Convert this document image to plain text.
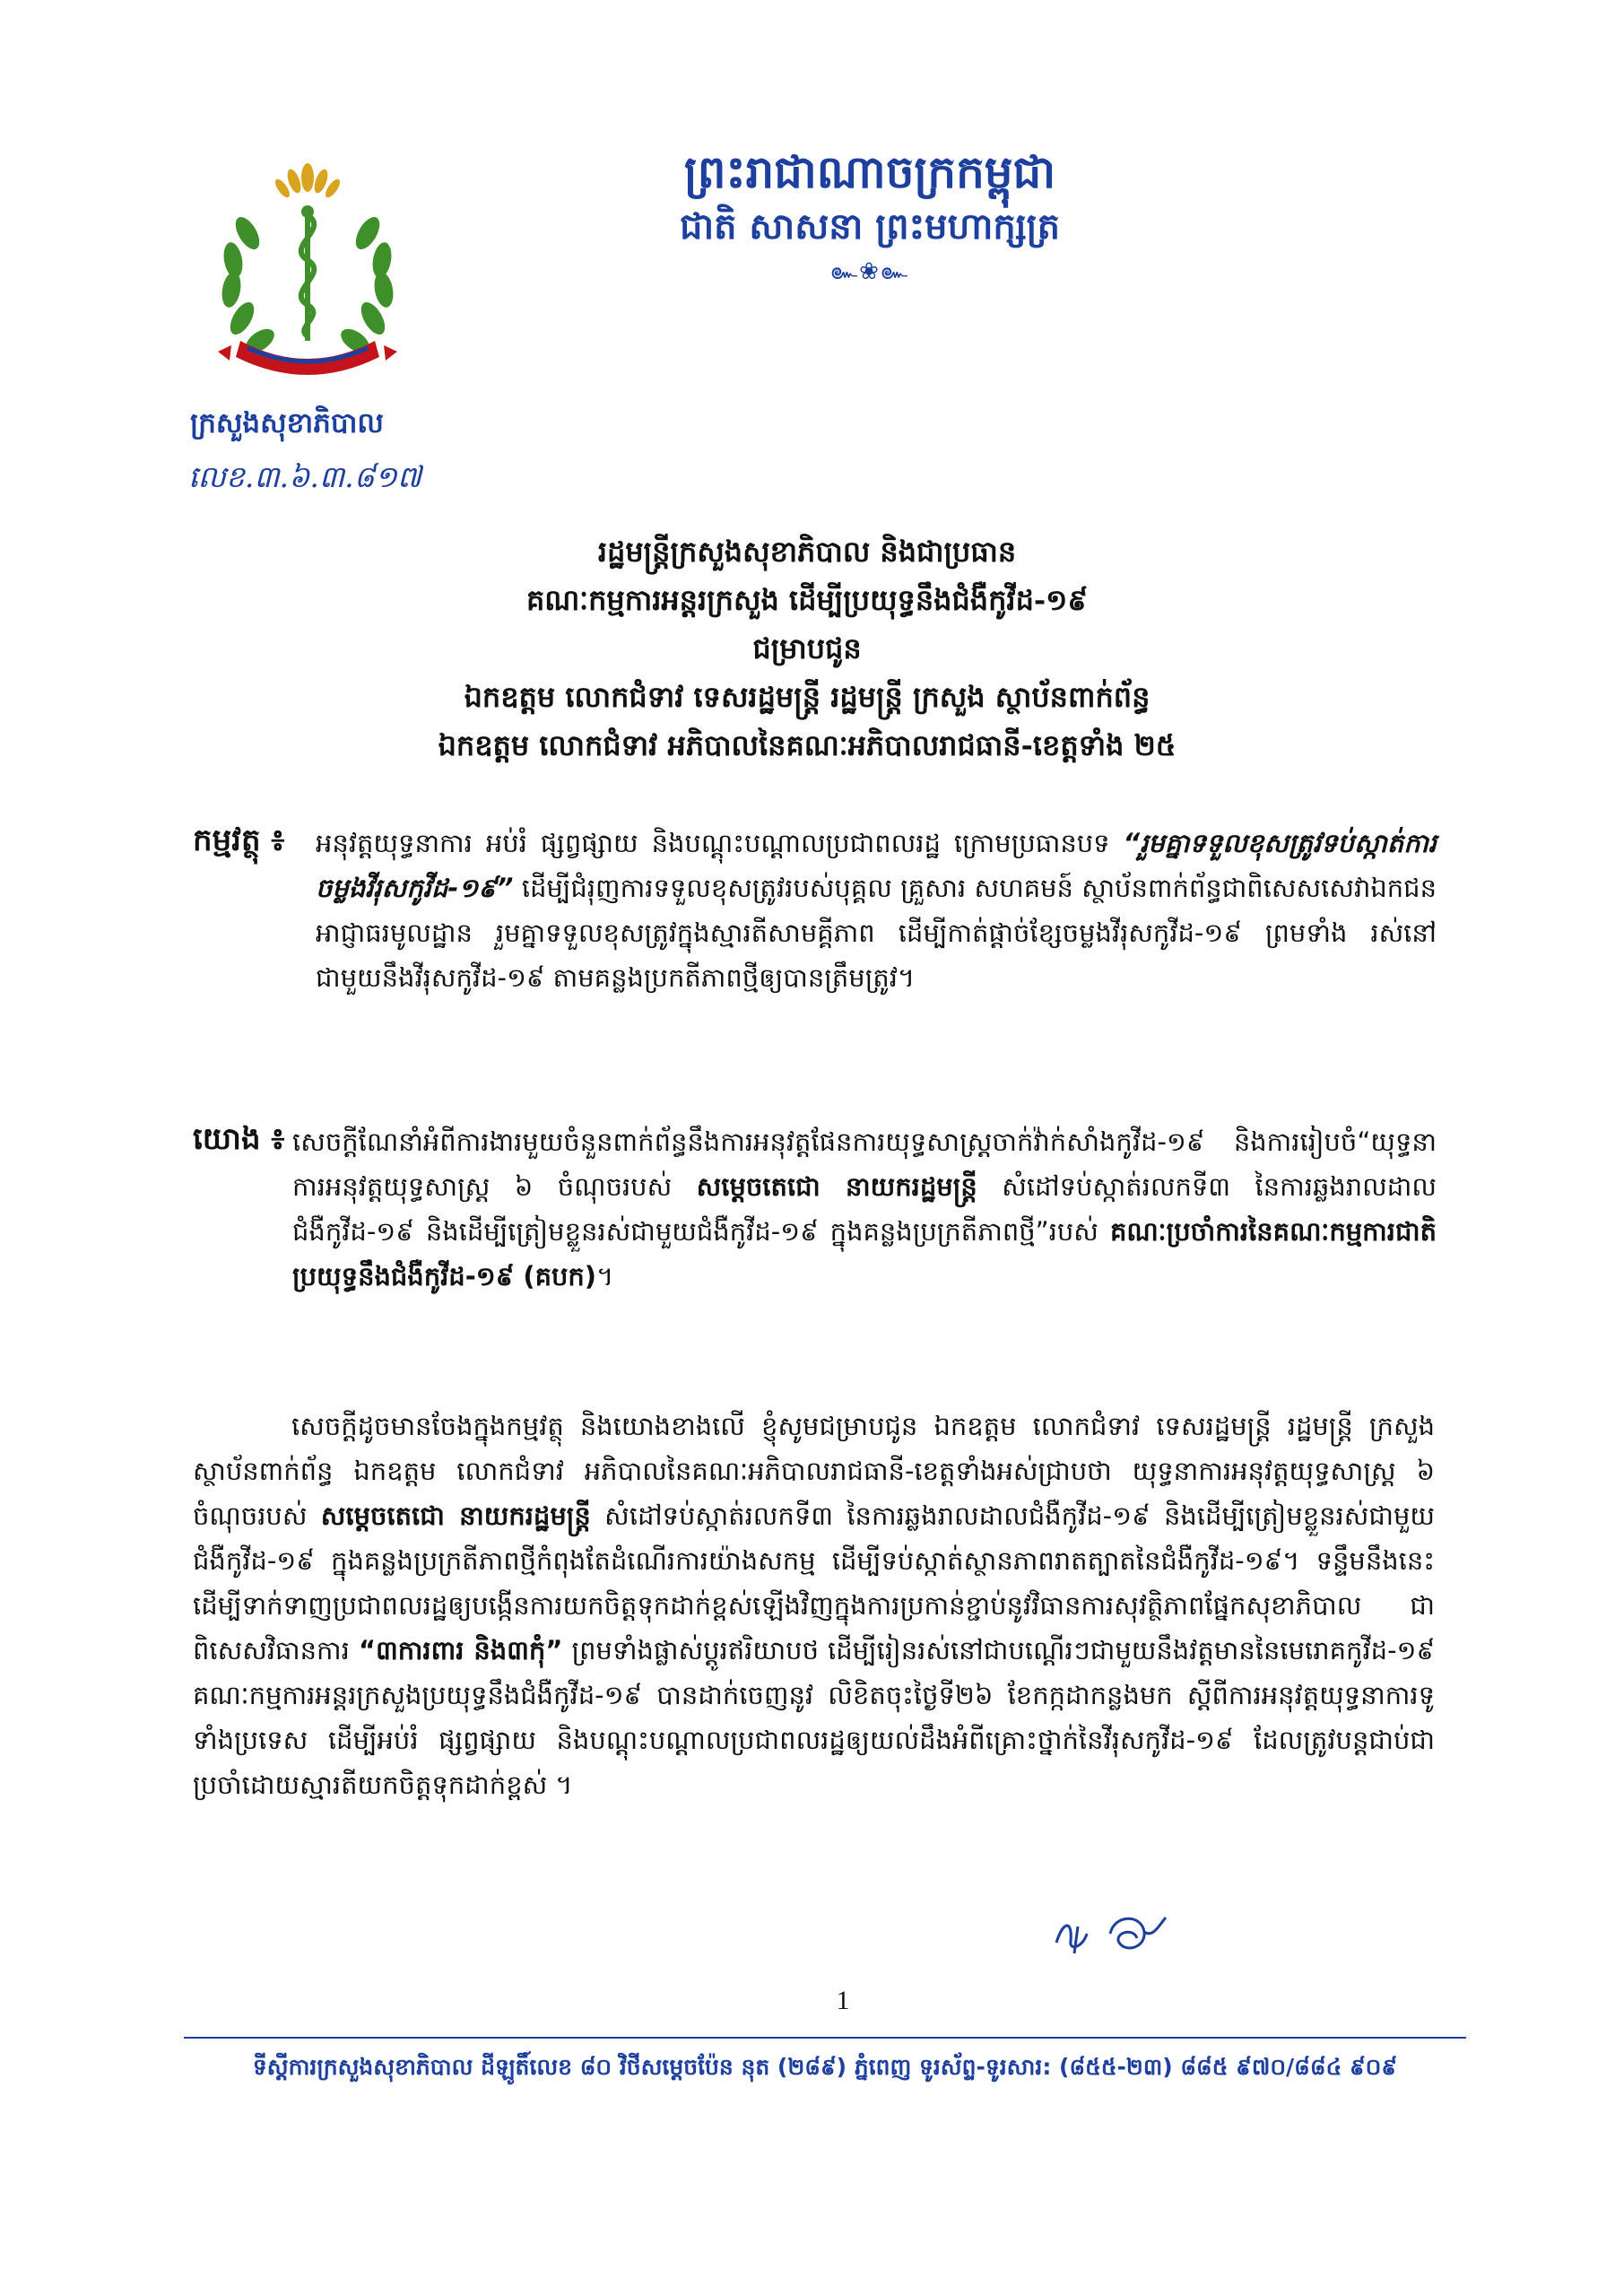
ក្រសួងសុខាភិបាល
លេខ.៣.៦.៣.៨១៧
ព្រះរាជាណាចក្រកម្ពុជា
ជាតិ សាសនា ព្រះមហាក្សត្រ
๛❀๛
រដ្ឋមន្ត្រីក្រសួងសុខាភិបាល និងជាប្រធាន
គណៈកម្មការអន្តរក្រសួង ដើម្បីប្រយុទ្ធនឹងជំងឺកូវីដ-១៩
ជម្រាបជូន
ឯកឧត្តម លោកជំទាវ ទេសរដ្ឋមន្ត្រី រដ្ឋមន្ត្រី ក្រសួង ស្ថាប័នពាក់ព័ន្ធ
ឯកឧត្តម លោកជំទាវ អភិបាលនៃគណៈអភិបាលរាជធានី-ខេត្តទាំង ២៥
កម្មវត្ថុ ៖ អនុវត្តយុទ្ធនាការ អប់រំ ផ្សព្វផ្សាយ និងបណ្តុះបណ្តាលប្រជាពលរដ្ឋ ក្រោមប្រធានបទ “រួមគ្នាទទួលខុសត្រូវទប់ស្កាត់ការចម្លងវីរុសកូវីដ-១៩” ដើម្បីជំរុញការទទួលខុសត្រូវរបស់បុគ្គល គ្រួសារ សហគមន៍ ស្ថាប័នពាក់ព័ន្ធជាពិសេសសេវាឯកជន អាជ្ញាធរមូលដ្ឋាន រួមគ្នាទទួលខុសត្រូវក្នុងស្មារតីសាមគ្គីភាព ដើម្បីកាត់ផ្តាច់ខ្សែចម្លងវីរុសកូវីដ-១៩ ព្រមទាំង រស់នៅជាមួយនឹងវីរុសកូវីដ-១៩ តាមគន្លងប្រកតីភាពថ្មីឲ្យបានត្រឹមត្រូវ។
យោង ៖ សេចក្តីណែនាំអំពីការងារមួយចំនួនពាក់ព័ន្ធនឹងការអនុវត្តផែនការយុទ្ធសាស្ត្រចាក់វ៉ាក់សាំងកូវីដ-១៩ និងការរៀបចំ“យុទ្ធនាការអនុវត្តយុទ្ធសាស្ត្រ ៦ ចំណុចរបស់ សម្តេចតេជោ នាយករដ្ឋមន្ត្រី សំដៅទប់ស្កាត់រលកទី៣ នៃការឆ្លងរាលដាលជំងឺកូវីដ-១៩ និងដើម្បីត្រៀមខ្លួនរស់ជាមួយជំងឺកូវីដ-១៩ ក្នុងគន្លងប្រក្រតីភាពថ្មី”របស់ គណៈប្រចាំការនៃគណៈកម្មការជាតិប្រយុទ្ធនឹងជំងឺកូវីដ-១៩ (គបក)។
សេចក្តីដូចមានចែងក្នុងកម្មវត្ថុ និងយោងខាងលើ ខ្ញុំសូមជម្រាបជូន ឯកឧត្តម លោកជំទាវ ទេសរដ្ឋមន្ត្រី រដ្ឋមន្ត្រី ក្រសួង ស្ថាប័នពាក់ព័ន្ធ ឯកឧត្តម លោកជំទាវ អភិបាលនៃគណៈអភិបាលរាជធានី-ខេត្តទាំងអស់ជ្រាបថា យុទ្ធនាការអនុវត្តយុទ្ធសាស្ត្រ ៦ ចំណុចរបស់ សម្តេចតេជោ នាយករដ្ឋមន្ត្រី សំដៅទប់ស្កាត់រលកទី៣ នៃការឆ្លងរាលដាលជំងឺកូវីដ-១៩ និងដើម្បីត្រៀមខ្លួនរស់ជាមួយជំងឺកូវីដ-១៩ ក្នុងគន្លងប្រក្រតីភាពថ្មីកំពុងតែដំណើរការយ៉ាងសកម្ម ដើម្បីទប់ស្កាត់ស្ថានភាពរាតត្បាតនៃជំងឺកូវីដ-១៩។ ទន្ទឹមនឹងនេះដើម្បីទាក់ទាញប្រជាពលរដ្ឋឲ្យបង្កើនការយកចិត្តទុកដាក់ខ្ពស់ឡើងវិញក្នុងការប្រកាន់ខ្ជាប់នូវវិធានការសុវត្ថិភាពផ្នែកសុខាភិបាល ជាពិសេសវិធានការ “៣ការពារ និង៣កុំ” ព្រមទាំងផ្លាស់ប្តូរឥរិយាបថ ដើម្បីរៀនរស់នៅជាបណ្តើរៗជាមួយនឹងវត្តមាននៃមេរោគកូវីដ-១៩ គណៈកម្មការអន្តរក្រសួងប្រយុទ្ធនឹងជំងឺកូវីដ-១៩ បានដាក់ចេញនូវ លិខិតចុះថ្ងៃទី២៦ ខែកក្កដាកន្លងមក ស្តីពីការអនុវត្តយុទ្ធនាការទូទាំងប្រទេស ដើម្បីអប់រំ ផ្សព្វផ្សាយ និងបណ្តុះបណ្តាលប្រជាពលរដ្ឋឲ្យយល់ដឹងអំពីគ្រោះថ្នាក់នៃវីរុសកូវីដ-១៩ ដែលត្រូវបន្តជាប់ជាប្រចាំដោយស្មារតីយកចិត្តទុកដាក់ខ្ពស់ ។
1
ទីស្តីការក្រសួងសុខាភិបាល ដីឡូតិ៍លេខ ៨០ វិថីសម្តេចប៉ែន នុត (២៨៩) ភ្នំពេញ ទូរស័ព្ទ-ទូរសារ: (៨៥៥-២៣) ៨៨៥ ៩៧០/៨៨៤ ៩០៩
